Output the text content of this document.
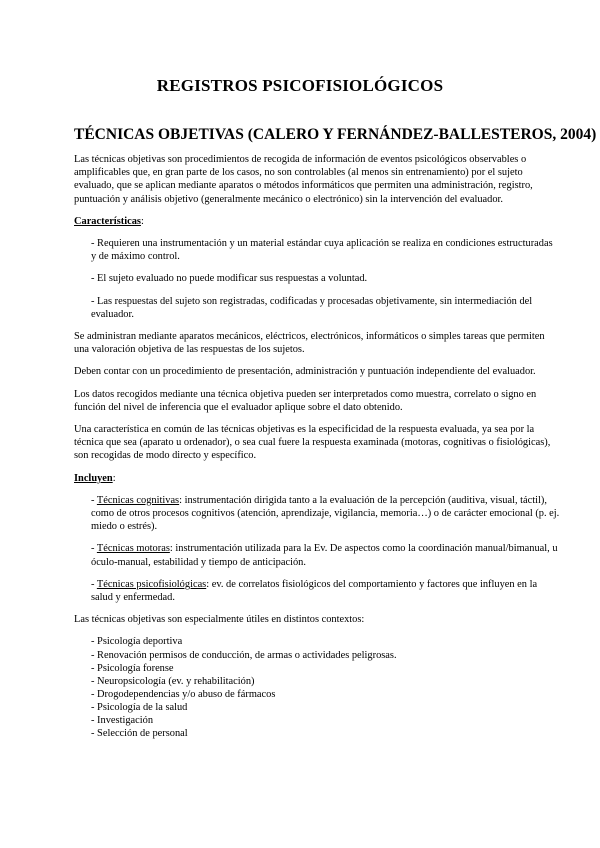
REGISTROS PSICOFISIOLÓGICOS
TÉCNICAS OBJETIVAS (CALERO Y FERNÁNDEZ-BALLESTEROS, 2004)

Las técnicas objetivas son procedimientos de recogida de información de eventos psicológicos observables o amplificables que, en gran parte de los casos, no son controlables (al menos sin entrenamiento) por el sujeto evaluado, que se aplican mediante aparatos o métodos informáticos que permiten una administración, registro, puntuación y análisis objetivo (generalmente mecánico o electrónico) sin la intervención del evaluador.

Características:

- Requieren una instrumentación y un material estándar cuya aplicación se realiza en condiciones estructuradas y de máximo control.

- El sujeto evaluado no puede modificar sus respuestas a voluntad.

- Las respuestas del sujeto son registradas, codificadas y procesadas objetivamente, sin intermediación del evaluador.

Se administran mediante aparatos mecánicos, eléctricos, electrónicos, informáticos o simples tareas que permiten una valoración objetiva de las respuestas de los sujetos.

Deben contar con un procedimiento de presentación, administración y puntuación independiente del evaluador.

Los datos recogidos mediante una técnica objetiva pueden ser interpretados como muestra, correlato o signo en función del nivel de inferencia que el evaluador aplique sobre el dato obtenido.

Una característica en común de las técnicas objetivas es la especificidad de la respuesta evaluada, ya sea por la técnica que sea (aparato u ordenador), o sea cual fuere la respuesta examinada (motoras, cognitivas o fisiológicas), son recogidas de modo directo y específico.

Incluyen:

- Técnicas cognitivas: instrumentación dirigida tanto a la evaluación de la percepción (auditiva, visual, táctil), como de otros procesos cognitivos (atención, aprendizaje, vigilancia, memoria…) o de carácter emocional (p. ej. miedo o estrés).

- Técnicas motoras: instrumentación utilizada para la Ev. De aspectos como la coordinación manual/bimanual, u óculo-manual, estabilidad y tiempo de anticipación.

- Técnicas psicofisiológicas: ev. de correlatos fisiológicos del comportamiento y factores que influyen en la salud y enfermedad.

Las técnicas objetivas son especialmente útiles en distintos contextos:

- Psicología deportiva
- Renovación permisos de conducción, de armas o actividades peligrosas.
- Psicología forense
- Neuropsicología (ev. y rehabilitación)
- Drogodependencias y/o abuso de fármacos
- Psicología de la salud
- Investigación
- Selección de personal
